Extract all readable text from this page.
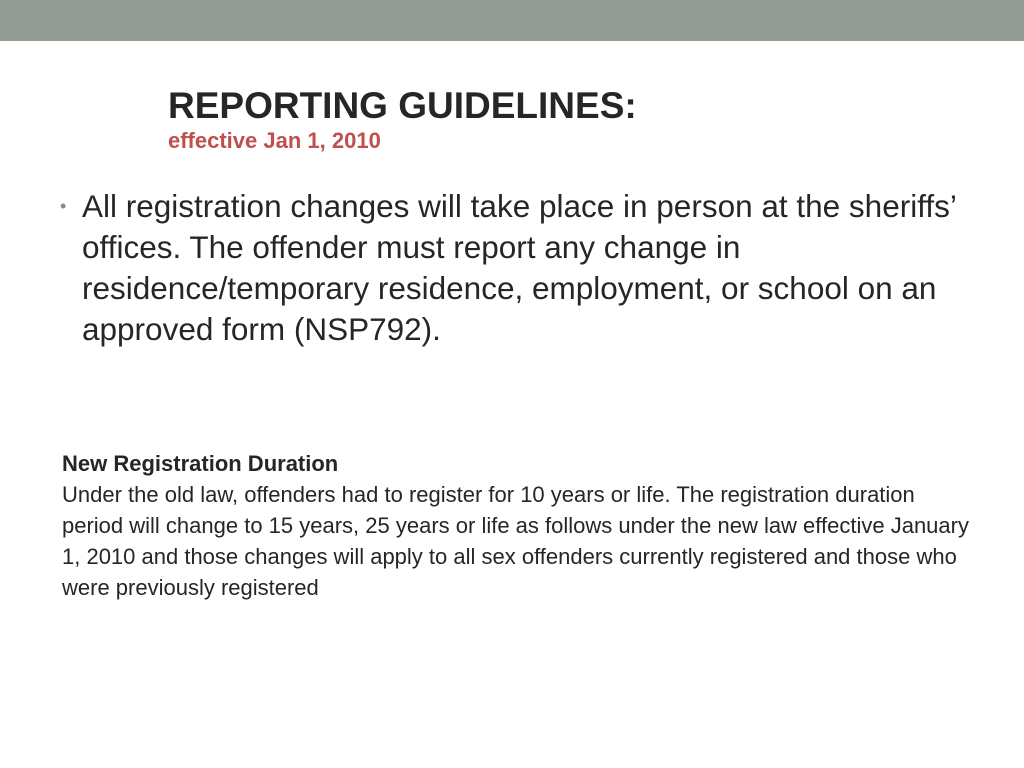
REPORTING GUIDELINES:
effective Jan 1, 2010
• All registration changes will take place in person at the sheriffs’ offices. The offender must report any change in residence/temporary residence, employment, or school on an approved form (NSP792).
New Registration Duration
Under the old law, offenders had to register for 10 years or life. The registration duration period will change to 15 years, 25 years or life as follows under the new law effective January 1, 2010 and those changes will apply to all sex offenders currently registered and those who were previously registered
